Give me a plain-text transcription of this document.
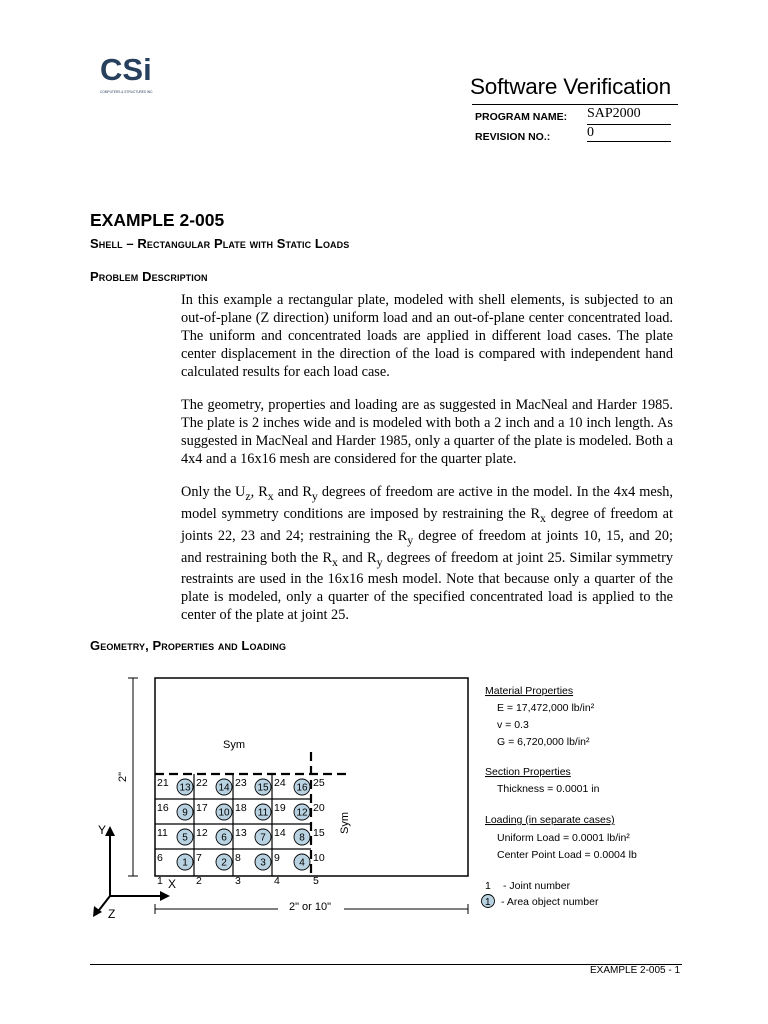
CSi
COMPUTERS & STRUCTURES INC.	Software Verification
PROGRAM NAME: SAP2000
REVISION NO.:	0
EXAMPLE 2-005
Shell – Rectangular Plate with Static Loads
Problem Description

In this example a rectangular plate, modeled with shell elements, is subjected to an out-of-plane (Z direction) uniform load and an out-of-plane center concentrated load. The uniform and concentrated loads are applied in different load cases. The plate center displacement in the direction of the load is compared with independent hand calculated results for each load case.

The geometry, properties and loading are as suggested in MacNeal and Harder 1985. The plate is 2 inches wide and is modeled with both a 2 inch and a 10 inch length. As suggested in MacNeal and Harder 1985, only a quarter of the plate is modeled. Both a 4x4 and a 16x16 mesh are considered for the quarter plate.

Only the $U_z$, $R_x$ and $R_y$ degrees of freedom are active in the model. In the 4x4 mesh, model symmetry conditions are imposed by restraining the $R_x$ degree of freedom at joints 22, 23 and 24; restraining the $R_y$ degree of freedom at joints 10, 15, and 20; and restraining both the $R_x$ and $R_y$ degrees of freedom at joint 25. Similar symmetry restraints are used in the 16x16 mesh model. Note that because only a quarter of the plate is modeled, only a quarter of the specified concentrated load is applied to the center of the plate at joint 25.

Geometry, Properties and Loading
Sym
Sym
2"
2" or 10"
Y
X
Z
21	22	23	24	25
16	17	18	19	20
11	12	13	14	15
6	7	8	9	10
1	2	3	4	5
13	14	15	16
9	10	11	12
5	6	7	8
1	2	3	4
Material Properties
E = 17,472,000 lb/in²
v = 0.3
G = 6,720,000 lb/in²
Section Properties
Thickness = 0.0001 in
Loading (in separate cases)
Uniform Load = 0.0001 lb/in²
Center Point Load = 0.0004 lb
1 - Joint number
1 - Area object number
EXAMPLE 2-005 - 1
